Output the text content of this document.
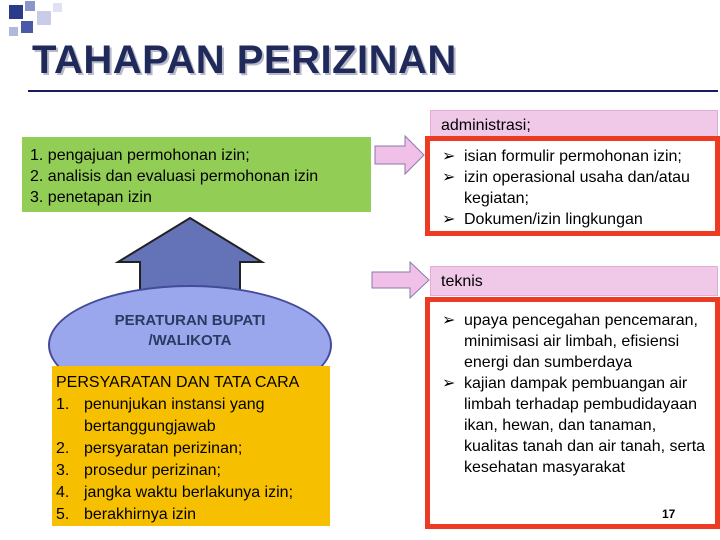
TAHAPAN PERIZINAN
1. pengajuan permohonan izin;
2. analisis dan evaluasi permohonan izin
3. penetapan izin
administrasi;
teknis
➢ isian formulir permohonan izin;
➢ izin operasional usaha dan/atau kegiatan;
➢ Dokumen/izin lingkungan
➢ upaya pencegahan pencemaran, minimisasi air limbah, efisiensi energi dan sumberdaya
➢ kajian dampak pembuangan air limbah terhadap pembudidayaan ikan, hewan, dan tanaman, kualitas tanah dan air tanah, serta kesehatan masyarakat
17
PERATURAN BUPATI
/WALIKOTA
PERSYARATAN DAN TATA CARA
1. penunjukan instansi yang bertanggungjawab
2. persyaratan perizinan;
3. prosedur perizinan;
4. jangka waktu berlakunya izin;
5. berakhirnya izin
